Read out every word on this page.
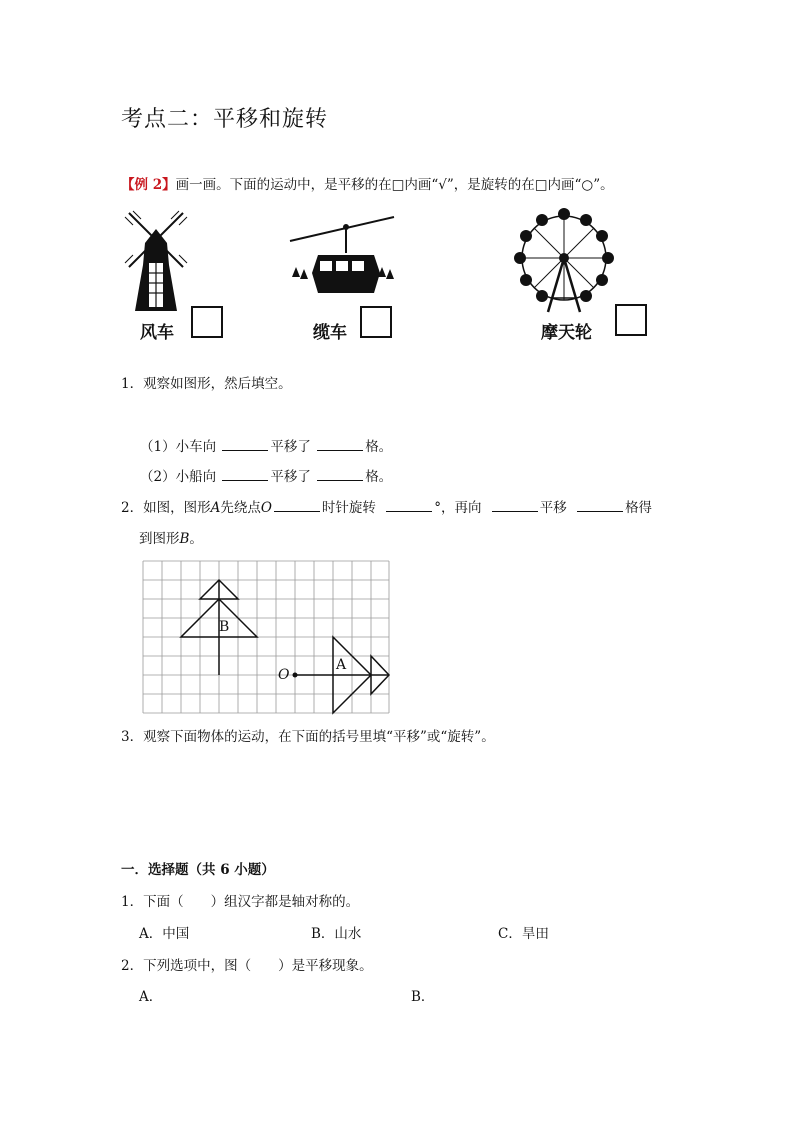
考点二：平移和旋转
【例 2】画一画。下面的运动中，是平移的在□内画“√”，是旋转的在□内画“○”。
风车	缆车	摩天轮
1．观察如图形，然后填空。
（1）小车向	平移了	格。
（2）小船向	平移了	格。
2．如图，图形A先绕点O	时针旋转	°，再向	平移	格得
到图形B。
B
A
O
3．观察下面物体的运动，在下面的括号里填“平移”或“旋转”。
一．选择题（共 6 小题）
1．下面（　　）组汉字都是轴对称的。
A．中国	B．山水	C．旱田
2．下列选项中，图（　　）是平移现象。
A．	B．
